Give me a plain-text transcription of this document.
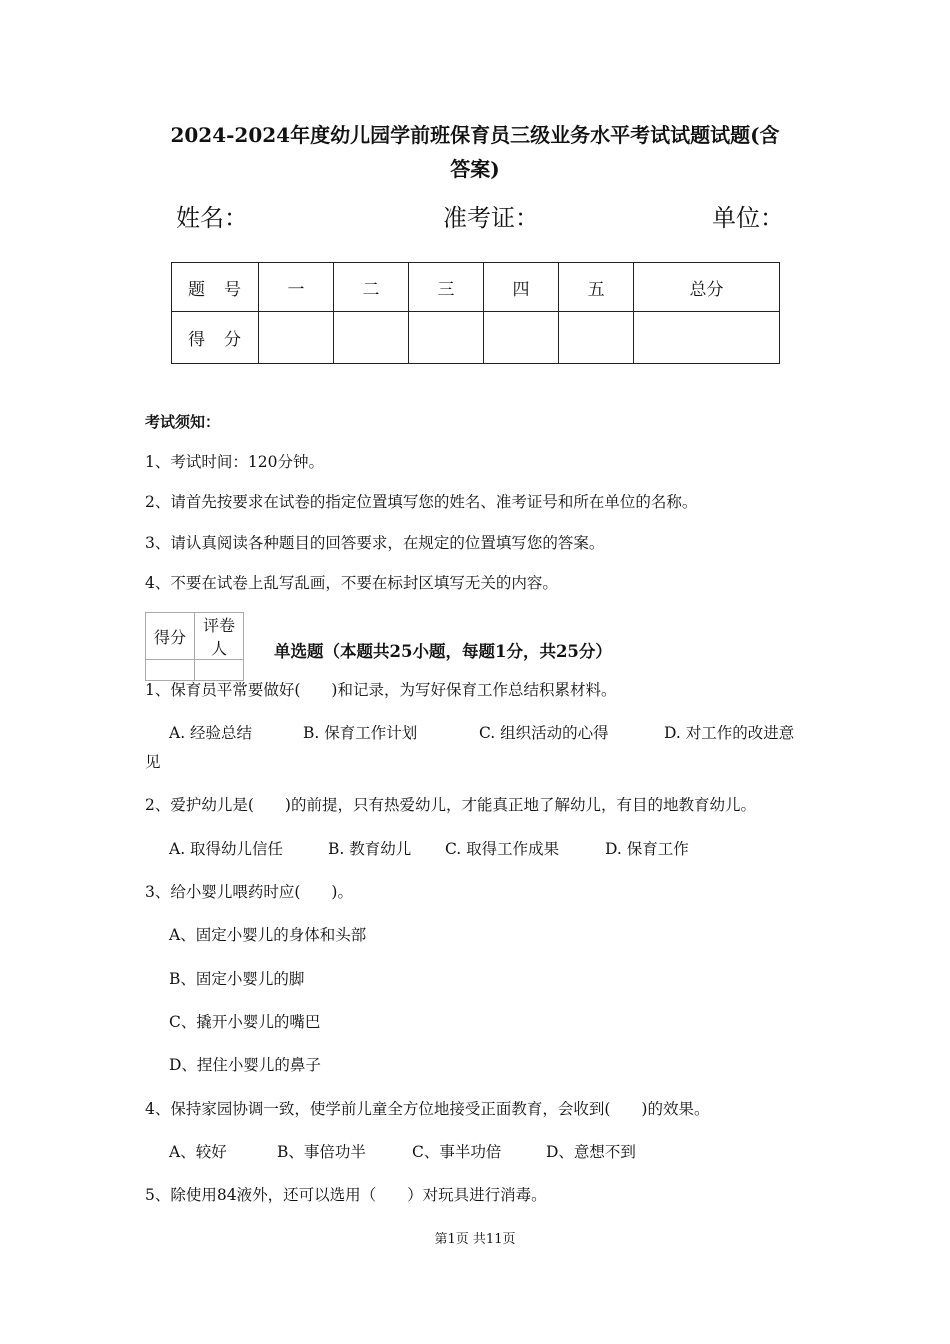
2024-2024年度幼儿园学前班保育员三级业务水平考试试题试题(含
答案)
姓名：	准考证：	单位：
题　号	一	二	三	四	五	总分
得　分						
考试须知：
1、考试时间：120分钟。
2、请首先按要求在试卷的指定位置填写您的姓名、准考证号和所在单位的名称。
3、请认真阅读各种题目的回答要求，在规定的位置填写您的答案。
4、不要在试卷上乱写乱画，不要在标封区填写无关的内容。
得分	评卷人
		单选题（本题共25小题，每题1分，共25分）
1、保育员平常要做好(　　)和记录，为写好保育工作总结积累材料。
A. 经验总结	B. 保育工作计划	C. 组织活动的心得	D. 对工作的改进意
见
2、爱护幼儿是(　　)的前提，只有热爱幼儿，才能真正地了解幼儿，有目的地教育幼儿。
A. 取得幼儿信任	B. 教育幼儿 C. 取得工作成果	D. 保育工作
3、给小婴儿喂药时应(　　)。
A、固定小婴儿的身体和头部
B、固定小婴儿的脚
C、撬开小婴儿的嘴巴
D、捏住小婴儿的鼻子
4、保持家园协调一致，使学前儿童全方位地接受正面教育，会收到(　　)的效果。
A、较好	B、事倍功半	C、事半功倍	D、意想不到
5、除使用84液外，还可以选用（　　）对玩具进行消毒。
第1页 共11页
